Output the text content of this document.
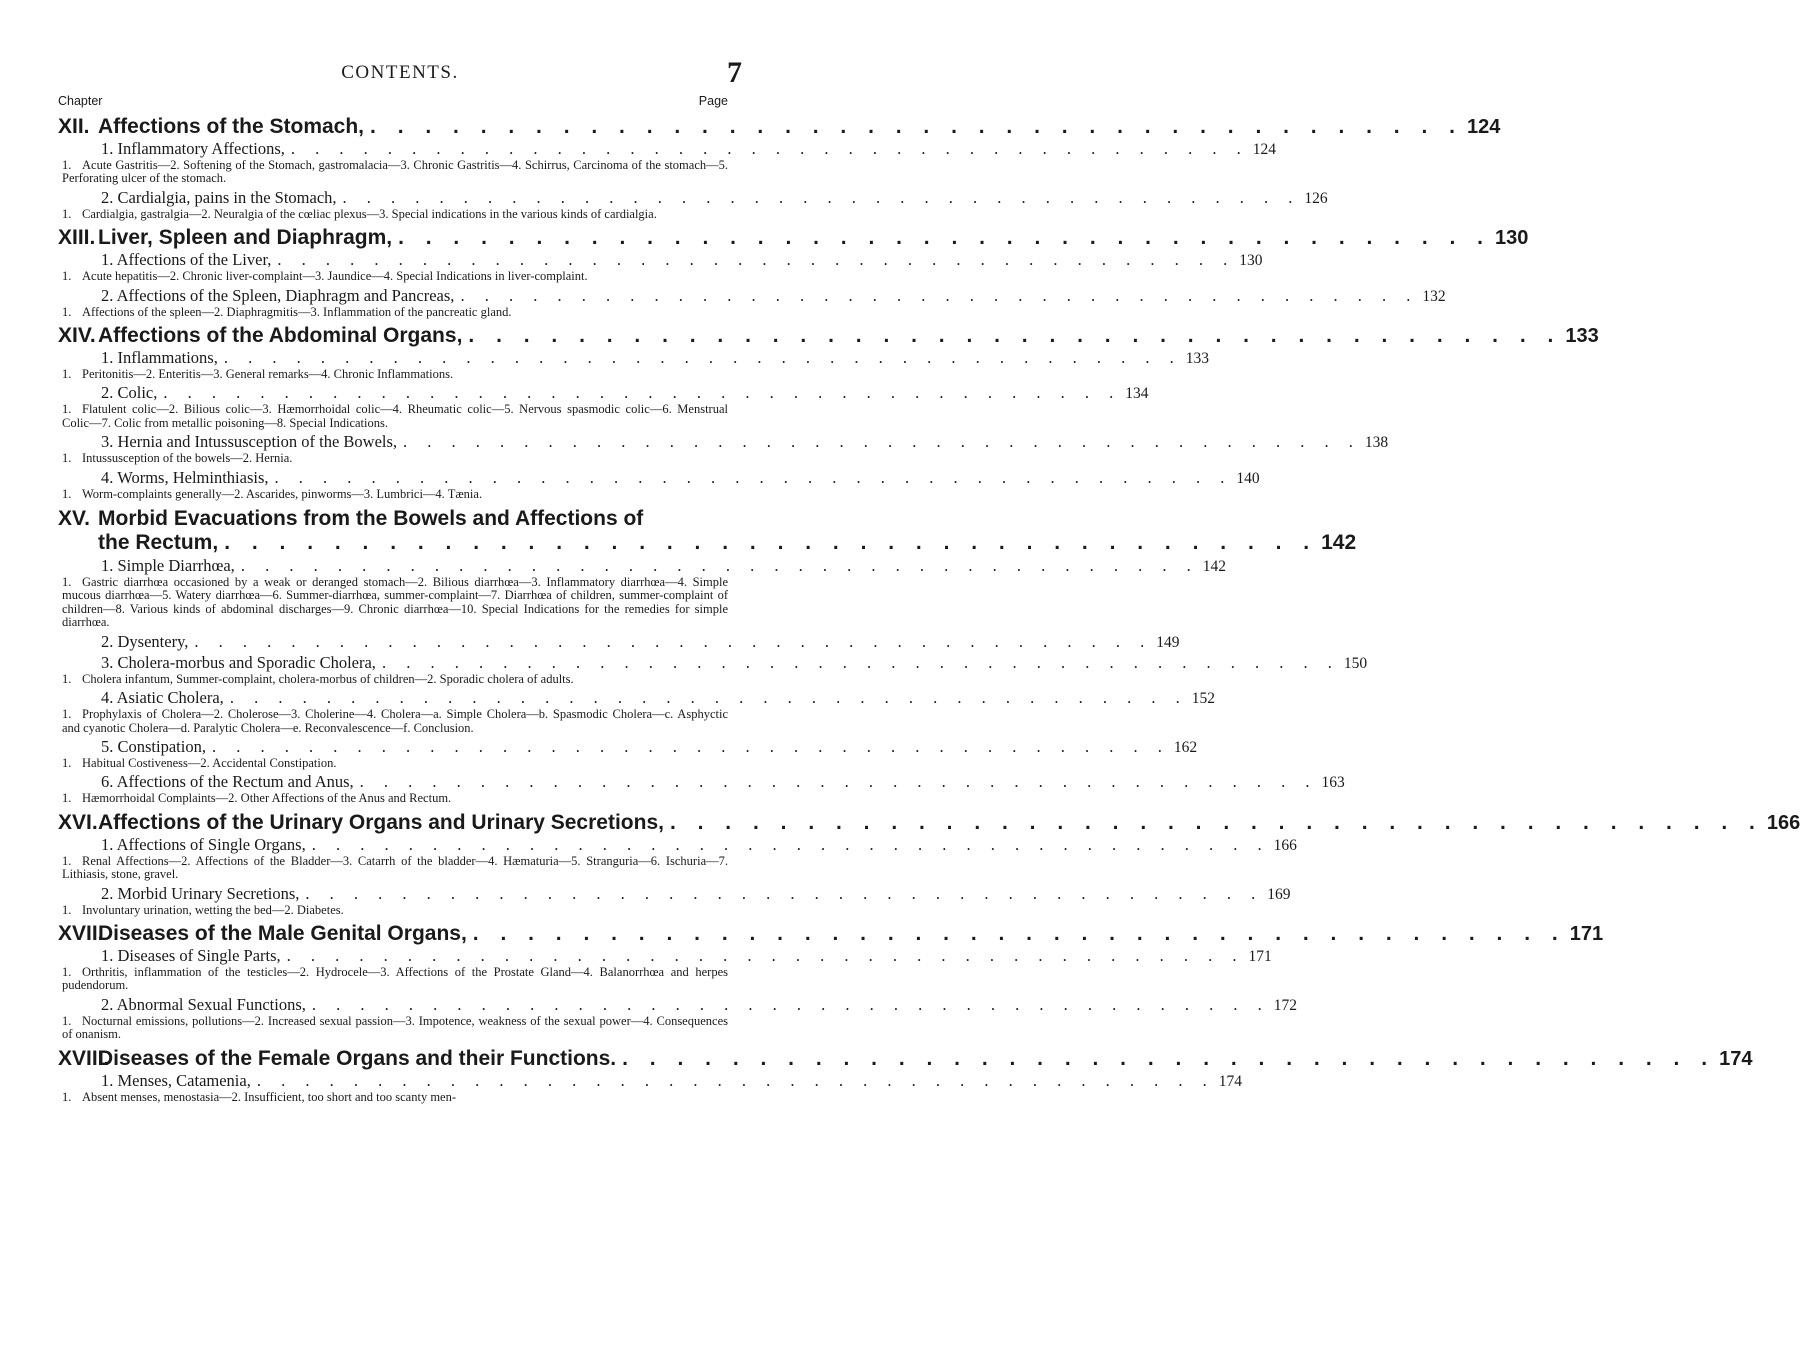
CONTENTS.	7
Chapter	Page
XII. Affections of the Stomach, . . . . . . . . . . . . . . . . . . . . . . . . . . . . . . . . . . . . . . . . 124
1. Inflammatory Affections, . . . . . . . . . . . . . . . . . . . . . . . . . . . . . . . . . . . . . . . . 124
1. Acute Gastritis—2. Softening of the Stomach, gastromalacia—3. Chronic Gastritis—4. Schirrus, Carcinoma of the stomach—5. Perforating ulcer of the stomach.
2. Cardialgia, pains in the Stomach, . . . . . . . . . . . . . . . . . . . . . . . . . . . . . . . . . . . . . . . . 126
1. Cardialgia, gastralgia—2. Neuralgia of the cœliac plexus—3. Special indications in the various kinds of cardialgia.
XIII. Liver, Spleen and Diaphragm, . . . . . . . . . . . . . . . . . . . . . . . . . . . . . . . . . . . . . . . . 130
1. Affections of the Liver, . . . . . . . . . . . . . . . . . . . . . . . . . . . . . . . . . . . . . . . . 130
1. Acute hepatitis—2. Chronic liver-complaint—3. Jaundice—4. Special Indications in liver-complaint.
2. Affections of the Spleen, Diaphragm and Pancreas, . . . . . . . . . . . . . . . . . . . . . . . . . . . . . . . . . . . . . . . . 132
1. Affections of the spleen—2. Diaphragmitis—3. Inflammation of the pancreatic gland.
XIV. Affections of the Abdominal Organs, . . . . . . . . . . . . . . . . . . . . . . . . . . . . . . . . . . . . . . . . 133
1. Inflammations, . . . . . . . . . . . . . . . . . . . . . . . . . . . . . . . . . . . . . . . . 133
1. Peritonitis—2. Enteritis—3. General remarks—4. Chronic Inflammations.
2. Colic, . . . . . . . . . . . . . . . . . . . . . . . . . . . . . . . . . . . . . . . . 134
1. Flatulent colic—2. Bilious colic—3. Hæmorrhoidal colic—4. Rheumatic colic—5. Nervous spasmodic colic—6. Menstrual Colic—7. Colic from metallic poisoning—8. Special Indications.
3. Hernia and Intussusception of the Bowels, . . . . . . . . . . . . . . . . . . . . . . . . . . . . . . . . . . . . . . . . 138
1. Intussusception of the bowels—2. Hernia.
4. Worms, Helminthiasis, . . . . . . . . . . . . . . . . . . . . . . . . . . . . . . . . . . . . . . . . 140
1. Worm-complaints generally—2. Ascarides, pinworms—3. Lumbrici—4. Tænia.
XV. Morbid Evacuations from the Bowels and Affections of
the Rectum, . . . . . . . . . . . . . . . . . . . . . . . . . . . . . . . . . . . . . . . . 142
1. Simple Diarrhœa, . . . . . . . . . . . . . . . . . . . . . . . . . . . . . . . . . . . . . . . . 142
1. Gastric diarrhœa occasioned by a weak or deranged stomach—2. Bilious diarrhœa—3. Inflammatory diarrhœa—4. Simple mucous diarrhœa—5. Watery diarrhœa—6. Summer-diarrhœa, summer-complaint—7. Diarrhœa of children, summer-complaint of children—8. Various kinds of abdominal discharges—9. Chronic diarrhœa—10. Special Indications for the remedies for simple diarrhœa.
2. Dysentery, . . . . . . . . . . . . . . . . . . . . . . . . . . . . . . . . . . . . . . . . 149
3. Cholera-morbus and Sporadic Cholera, . . . . . . . . . . . . . . . . . . . . . . . . . . . . . . . . . . . . . . . . 150
1. Cholera infantum, Summer-complaint, cholera-morbus of children—2. Sporadic cholera of adults.
4. Asiatic Cholera, . . . . . . . . . . . . . . . . . . . . . . . . . . . . . . . . . . . . . . . . 152
1. Prophylaxis of Cholera—2. Cholerose—3. Cholerine—4. Cholera—a. Simple Cholera—b. Spasmodic Cholera—c. Asphyctic and cyanotic Cholera—d. Paralytic Cholera—e. Reconvalescence—f. Conclusion.
5. Constipation, . . . . . . . . . . . . . . . . . . . . . . . . . . . . . . . . . . . . . . . . 162
1. Habitual Costiveness—2. Accidental Constipation.
6. Affections of the Rectum and Anus, . . . . . . . . . . . . . . . . . . . . . . . . . . . . . . . . . . . . . . . . 163
1. Hæmorrhoidal Complaints—2. Other Affections of the Anus and Rectum.
XVI.Affections of the Urinary Organs and Urinary Secretions, . . . . . . . . . . . . . . . . . . . . . . . . . . . . . . . . . . . . . . . . 166
1. Affections of Single Organs, . . . . . . . . . . . . . . . . . . . . . . . . . . . . . . . . . . . . . . . . 166
1. Renal Affections—2. Affections of the Bladder—3. Catarrh of the bladder—4. Hæmaturia—5. Stranguria—6. Ischuria—7. Lithiasis, stone, gravel.
2. Morbid Urinary Secretions, . . . . . . . . . . . . . . . . . . . . . . . . . . . . . . . . . . . . . . . . 169
1. Involuntary urination, wetting the bed—2. Diabetes.
XVII.Diseases of the Male Genital Organs, . . . . . . . . . . . . . . . . . . . . . . . . . . . . . . . . . . . . . . . . 171
1. Diseases of Single Parts, . . . . . . . . . . . . . . . . . . . . . . . . . . . . . . . . . . . . . . . . 171
1. Orthritis, inflammation of the testicles—2. Hydrocele—3. Affections of the Prostate Gland—4. Balanorrhœa and herpes pudendorum.
2. Abnormal Sexual Functions, . . . . . . . . . . . . . . . . . . . . . . . . . . . . . . . . . . . . . . . . 172
1. Nocturnal emissions, pollutions—2. Increased sexual passion—3. Impotence, weakness of the sexual power—4. Consequences of onanism.
XVIII.Diseases of the Female Organs and their Functions. . . . . . . . . . . . . . . . . . . . . . . . . . . . . . . . . . . . . . . . . 174
1. Menses, Catamenia, . . . . . . . . . . . . . . . . . . . . . . . . . . . . . . . . . . . . . . . . 174
1. Absent menses, menostasia—2. Insufficient, too short and too scanty men-
